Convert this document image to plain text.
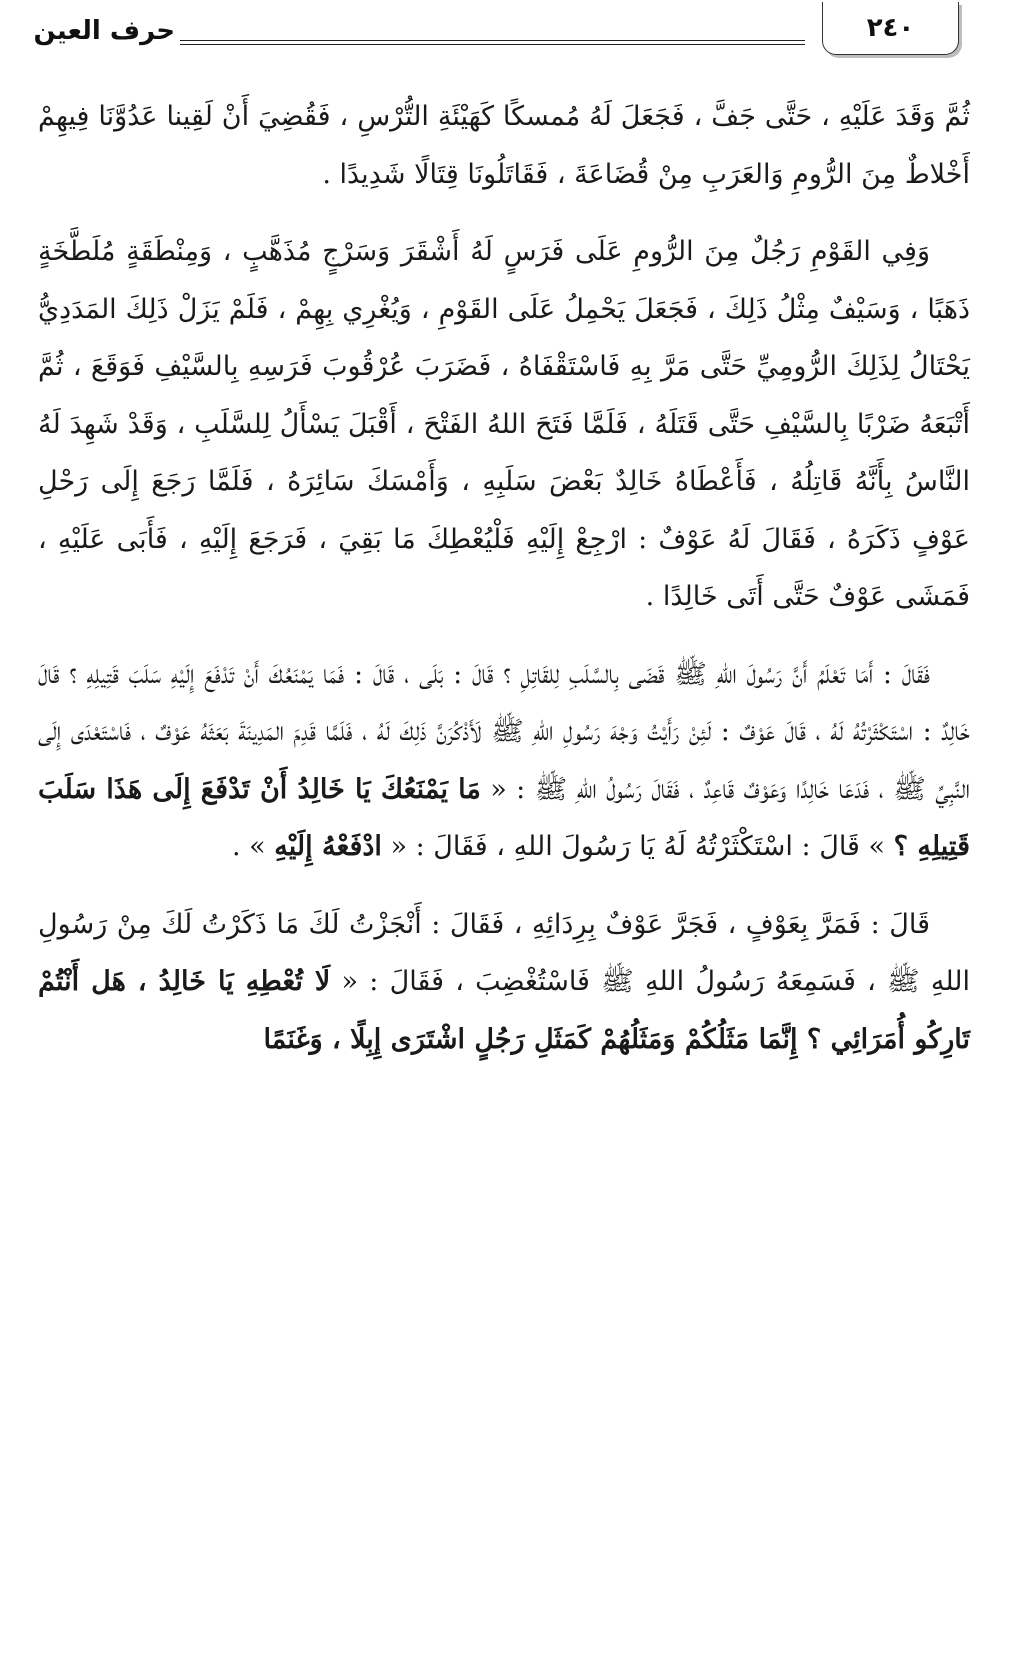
٢٤٠
حرف العين

ثُمَّ وَقَدَ عَلَيْهِ ، حَتَّى جَفَّ ، فَجَعَلَ لَهُ مُمسكًا كَهَيْئَةِ التُّرْسِ ، فَقُضِيَ أَنْ لَقِينا عَدُوَّنَا فِيهِمْ أَخْلاطٌ مِنَ الرُّومِ وَالعَرَبِ مِنْ قُضَاعَةَ ، فَقَاتَلُونَا قِتَالًا شَدِيدًا .

وَفِي القَوْمِ رَجُلٌ مِنَ الرُّومِ عَلَى فَرَسٍ لَهُ أَشْقَرَ وَسَرْجٍ مُذَهَّبٍ ، وَمِنْطَقَةٍ مُلَطَّخَةٍ ذَهَبًا ، وَسَيْفٌ مِثْلُ ذَلِكَ ، فَجَعَلَ يَحْمِلُ عَلَى القَوْمِ ، وَيُغْرِي بِهِمْ ، فَلَمْ يَزَلْ ذَلِكَ المَدَدِيُّ يَحْتَالُ لِذَلِكَ الرُّومِيِّ حَتَّى مَرَّ بِهِ فَاسْتَقْفَاهُ ، فَضَرَبَ عُرْقُوبَ فَرَسِهِ بِالسَّيْفِ فَوَقَعَ ، ثُمَّ أَتْبَعَهُ ضَرْبًا بِالسَّيْفِ حَتَّى قَتَلَهُ ، فَلَمَّا فَتَحَ اللهُ الفَتْحَ ، أَقْبَلَ يَسْأَلُ لِلسَّلَبِ ، وَقَدْ شَهِدَ لَهُ النَّاسُ بِأَنَّهُ قَاتِلُهُ ، فَأَعْطَاهُ خَالِدٌ بَعْضَ سَلَبِهِ ، وَأَمْسَكَ سَائِرَهُ ، فَلَمَّا رَجَعَ إِلَى رَحْلِ عَوْفٍ ذَكَرَهُ ، فَقَالَ لَهُ عَوْفٌ : ارْجِعْ إِلَيْهِ فَلْيُعْطِكَ مَا بَقِيَ ، فَرَجَعَ إِلَيْهِ ، فَأَبَى عَلَيْهِ ، فَمَشَى عَوْفٌ حَتَّى أَتَى خَالِدًا .

فَقَالَ : أَمَا تَعْلَمُ أَنَّ رَسُولَ اللهِ ﷺ قَضَى بِالسَّلَبِ لِلقَاتِلِ ؟ قَالَ : بَلَى ، قَالَ : فَمَا يَمْنَعُكَ أَنْ تَدْفَعَ إِلَيْهِ سَلَبَ قَتِيلِهِ ؟ قَالَ خَالِدٌ : اسْتَكْثَرْتُهُ لَهُ ، قَالَ عَوْفٌ : لَئِنْ رَأَيْتُ وَجْهَ رَسُولِ اللهِ ﷺ لَأَذْكُرَنَّ ذَلِكَ لَهُ ، فَلَمَّا قَدِمَ المَدِينَةَ بَعَثَهُ عَوْفٌ ، فَاسْتَعْدَى إِلَى النَّبِيِّ ﷺ ، فَدَعَا خَالِدًا وَعَوْفٌ قَاعِدٌ ، فَقَالَ رَسُولُ اللهِ ﷺ : « مَا يَمْنَعُكَ يَا خَالِدُ أَنْ تَدْفَعَ إِلَى هَذَا سَلَبَ قَتِيلِهِ ؟ » قَالَ : اسْتَكْثَرْتُهُ لَهُ يَا رَسُولَ اللهِ ، فَقَالَ : « ادْفَعْهُ إِلَيْهِ » .

قَالَ : فَمَرَّ بِعَوْفٍ ، فَجَرَّ عَوْفٌ بِرِدَائِهِ ، فَقَالَ : أَنْجَزْتُ لَكَ مَا ذَكَرْتُ لَكَ مِنْ رَسُولِ اللهِ ﷺ ، فَسَمِعَهُ رَسُولُ اللهِ ﷺ فَاسْتُغْضِبَ ، فَقَالَ : « لَا تُعْطِهِ يَا خَالِدُ ، هَل أَنْتُمْ تَارِكُو أُمَرَائِي ؟ إِنَّمَا مَثَلُكُمْ وَمَثَلُهُمْ كَمَثَلِ رَجُلٍ اشْتَرَى إِبِلًا ، وَغَنَمًا
